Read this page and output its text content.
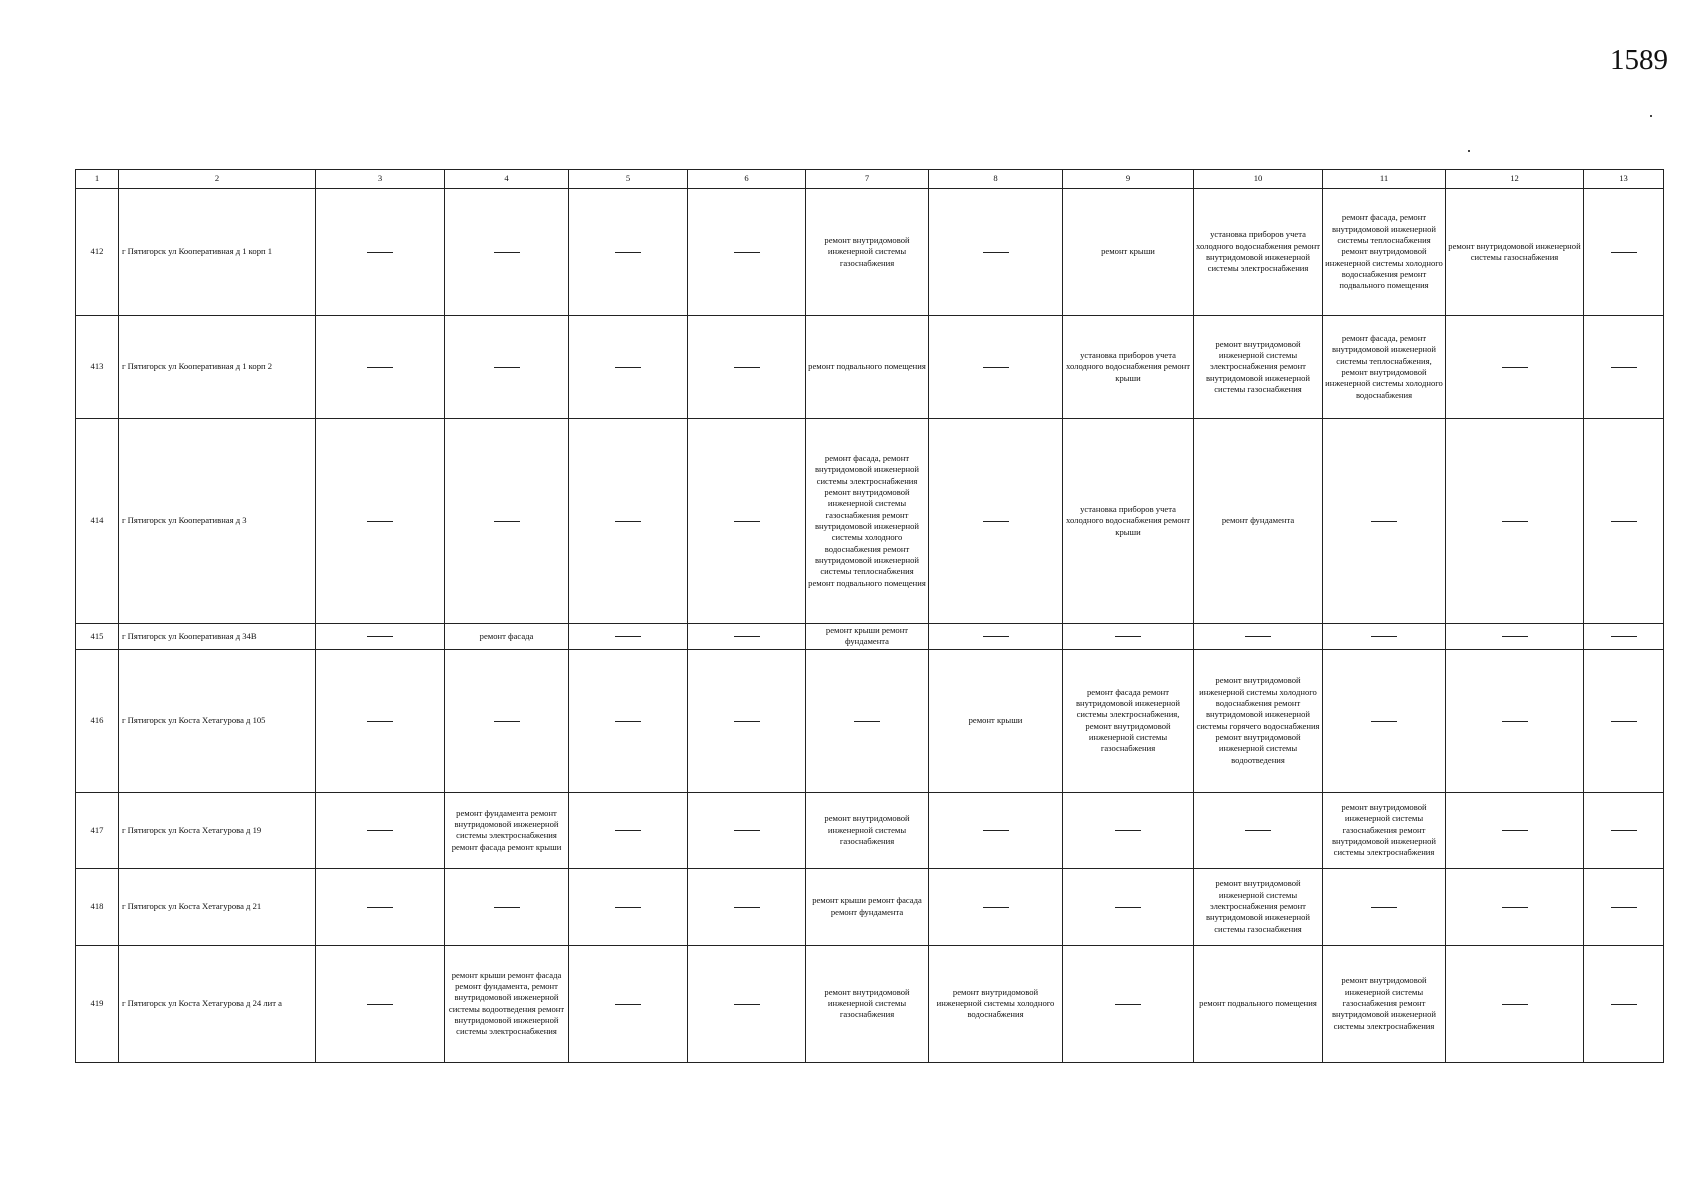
1589
1	2	3	4	5	6	7	8	9	10	11	12	13
412	г Пятигорск ул Кооперативная д 1 корп 1					ремонт внутридомовой инженерной системы газоснабжения		ремонт крыши	установка приборов учета холодного водоснабжения ремонт внутридомовой инженерной системы электроснабжения	ремонт фасада, ремонт внутридомовой инженерной системы теплоснабжения ремонт внутридомовой инженерной системы холодного водоснабжения ремонт подвального помещения	ремонт внутридомовой инженерной системы газоснабжения	
413	г Пятигорск ул Кооперативная д 1 корп 2					ремонт подвального помещения		установка приборов учета холодного водоснабжения ремонт крыши	ремонт внутридомовой инженерной системы электроснабжения ремонт внутридомовой инженерной системы газоснабжения	ремонт фасада, ремонт внутридомовой инженерной системы теплоснабжения, ремонт внутридомовой инженерной системы холодного водоснабжения		
414	г Пятигорск ул Кооперативная д 3					ремонт фасада, ремонт внутридомовой инженерной системы электроснабжения ремонт внутридомовой инженерной системы газоснабжения ремонт внутридомовой инженерной системы холодного водоснабжения ремонт внутридомовой инженерной системы теплоснабжения ремонт подвального помещения		установка приборов учета холодного водоснабжения ремонт крыши	ремонт фундамента			
415	г Пятигорск ул Кооперативная д 34В		ремонт фасада			ремонт крыши ремонт фундамента						
416	г Пятигорск ул Коста Хетагурова д 105						ремонт крыши	ремонт фасада ремонт внутридомовой инженерной системы электроснабжения, ремонт внутридомовой инженерной системы газоснабжения	ремонт внутридомовой инженерной системы холодного водоснабжения ремонт внутридомовой инженерной системы горячего водоснабжения ремонт внутридомовой инженерной системы водоотведения			
417	г Пятигорск ул Коста Хетагурова д 19		ремонт фундамента ремонт внутридомовой инженерной системы электроснабжения ремонт фасада ремонт крыши			ремонт внутридомовой инженерной системы газоснабжения				ремонт внутридомовой инженерной системы газоснабжения ремонт внутридомовой инженерной системы электроснабжения		
418	г Пятигорск ул Коста Хетагурова д 21					ремонт крыши ремонт фасада ремонт фундамента			ремонт внутридомовой инженерной системы электроснабжения ремонт внутридомовой инженерной системы газоснабжения			
419	г Пятигорск ул Коста Хетагурова д 24 лит а		ремонт крыши ремонт фасада ремонт фундамента, ремонт внутридомовой инженерной системы водоотведения ремонт внутридомовой инженерной системы электроснабжения			ремонт внутридомовой инженерной системы газоснабжения	ремонт внутридомовой инженерной системы холодного водоснабжения		ремонт подвального помещения	ремонт внутридомовой инженерной системы газоснабжения ремонт внутридомовой инженерной системы электроснабжения		
